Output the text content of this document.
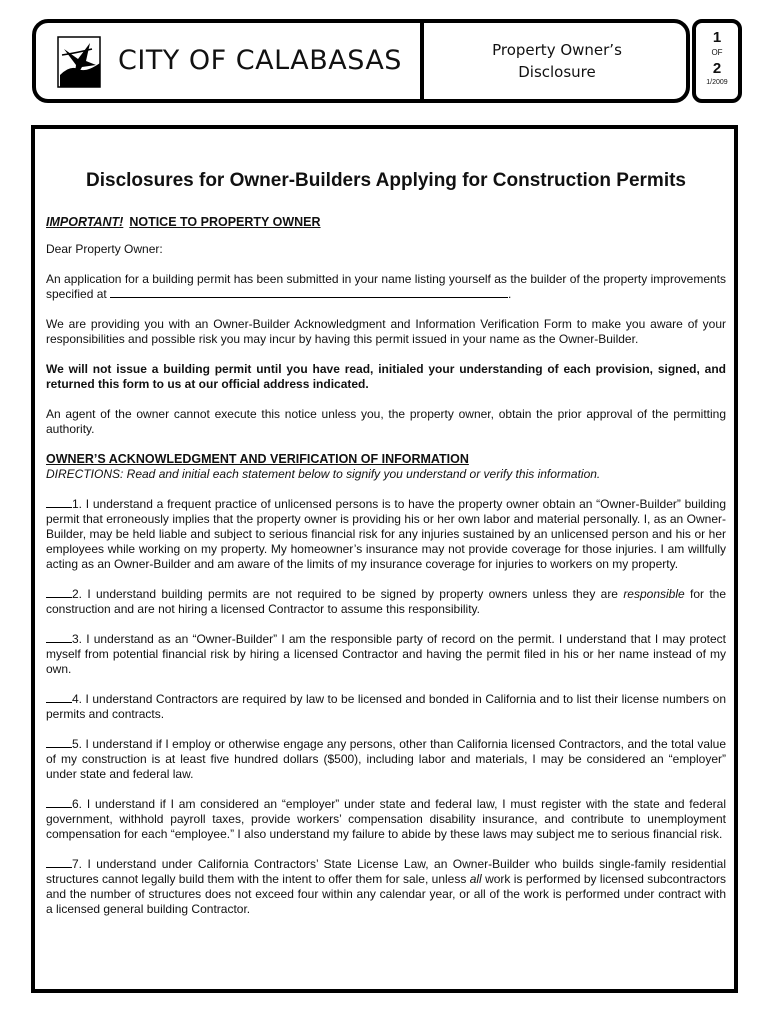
CITY OF CALABASAS	Property Owner’s
Disclosure
1
OF
2
1/2009
Disclosures for Owner-Builders Applying for Construction Permits
IMPORTANT! NOTICE TO PROPERTY OWNER

Dear Property Owner:

An application for a building permit has been submitted in your name listing yourself as the builder of the property improvements specified at	.

We are providing you with an Owner-Builder Acknowledgment and Information Verification Form to make you aware of your responsibilities and possible risk you may incur by having this permit issued in your name as the Owner-Builder.

We will not issue a building permit until you have read, initialed your understanding of each provision, signed, and returned this form to us at our official address indicated.

An agent of the owner cannot execute this notice unless you, the property owner, obtain the prior approval of the permitting authority.

OWNER’S ACKNOWLEDGMENT AND VERIFICATION OF INFORMATION
DIRECTIONS: Read and initial each statement below to signify you understand or verify this information.

1. I understand a frequent practice of unlicensed persons is to have the property owner obtain an “Owner-Builder” building permit that erroneously implies that the property owner is providing his or her own labor and material personally. I, as an Owner-Builder, may be held liable and subject to serious financial risk for any injuries sustained by an unlicensed person and his or her employees while working on my property. My homeowner’s insurance may not provide coverage for those injuries. I am willfully acting as an Owner-Builder and am aware of the limits of my insurance coverage for injuries to workers on my property.

2. I understand building permits are not required to be signed by property owners unless they are responsible for the construction and are not hiring a licensed Contractor to assume this responsibility.

3. I understand as an “Owner-Builder” I am the responsible party of record on the permit. I understand that I may protect myself from potential financial risk by hiring a licensed Contractor and having the permit filed in his or her name instead of my own.

4. I understand Contractors are required by law to be licensed and bonded in California and to list their license numbers on permits and contracts.

5. I understand if I employ or otherwise engage any persons, other than California licensed Contractors, and the total value of my construction is at least five hundred dollars ($500), including labor and materials, I may be considered an “employer” under state and federal law.

6. I understand if I am considered an “employer” under state and federal law, I must register with the state and federal government, withhold payroll taxes, provide workers’ compensation disability insurance, and contribute to unemployment compensation for each “employee.” I also understand my failure to abide by these laws may subject me to serious financial risk.

7. I understand under California Contractors’ State License Law, an Owner-Builder who builds single-family residential structures cannot legally build them with the intent to offer them for sale, unless all work is performed by licensed subcontractors and the number of structures does not exceed four within any calendar year, or all of the work is performed under contract with a licensed general building Contractor.
